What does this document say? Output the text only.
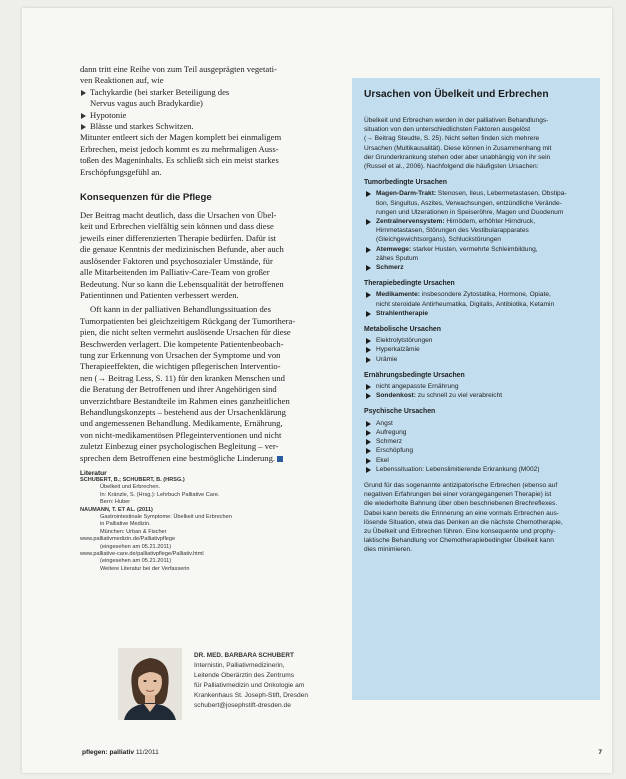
dann tritt eine Reihe von zum Teil ausgeprägten vegetati-

ven Reaktionen auf, wie

Tachykardie (bei starker Beteiligung des
Nervus vagus auch Bradykardie)
Hypotonie
Blässe und starkes Schwitzen.

Mitunter entleert sich der Magen komplett bei einmaligem

Erbrechen, meist jedoch kommt es zu mehrmaligen Auss-

toßen des Mageninhalts. Es schließt sich ein meist starkes

Erschöpfungsgefühl an.

Konsequenzen für die Pflege

Der Beitrag macht deutlich, dass die Ursachen von Übel-

keit und Erbrechen vielfältig sein können und dass diese

jeweils einer differenzierten Therapie bedürfen. Dafür ist

die genaue Kenntnis der medizinischen Befunde, aber auch

auslösender Faktoren und psychosozialer Umstände, für

alle Mitarbeitenden im Palliativ-Care-Team von großer

Bedeutung. Nur so kann die Lebensqualität der betroffenen

Patientinnen und Patienten verbessert werden.

Oft kann in der palliativen Behandlungssituation des

Tumorpatienten bei gleichzeitigem Rückgang der Tumorthera-

pien, die nicht selten vermehrt auslösende Ursachen für diese

Beschwerden verlagert. Die kompetente Patientenbeobach-

tung zur Erkennung von Ursachen der Symptome und von

Therapieeffekten, die wichtigen pflegerischen Interventio-

nen (→ Beitrag Less, S. 11) für den kranken Menschen und

die Beratung der Betroffenen und ihrer Angehörigen sind

unverzichtbare Bestandteile im Rahmen eines ganzheitlichen

Behandlungskonzepts – bestehend aus der Ursachenklärung

und angemessenen Behandlung. Medikamente, Ernährung,

von nicht-medikamentösen Pflegeinterventionen und nicht

zuletzt Einbezug einer psychologischen Begleitung – ver-

sprechen dem Betroffenen eine bestmögliche Linderung.

Literatur
SCHUBERT, B.; SCHUBERT, B. (HRSG.)
Übelkeit und Erbrechen.
In: Kränzle, S. (Hrsg.): Lehrbuch Palliative Care.
Bern: Huber
NAUMANN, T. ET AL. (2011)
Gastrointestinale Symptome: Übelkeit und Erbrechen
in Palliative Medizin.
München: Urban & Fischer
www.palliativmedizin.de/Palliativpflege
(eingesehen am 05.21.2011)
www.palliative-care.de/palliativpflege/Palliativ.html
(eingesehen am 05.21.2011)
Weitere Literatur bei der Verfasserin
DR. MED. BARBARA SCHUBERT
Internistin, Palliativmedizinerin,
Leitende Oberärztin des Zentrums
für Palliativmedizin und Onkologie am
Krankenhaus St. Joseph-Stift, Dresden
schubert@josephstift-dresden.de
Ursachen von Übelkeit und Erbrechen

Übelkeit und Erbrechen werden in der palliativen Behandlungs-

situation von den unterschiedlichsten Faktoren ausgelöst

(→ Beitrag Steudte, S. 25). Nicht selten finden sich mehrere

Ursachen (Multikausalität). Diese können in Zusammenhang mit

der Grunderkrankung stehen oder aber unabhängig von ihr sein

(Russel et al., 2006). Nachfolgend die häufigsten Ursachen:

Tumorbedingte Ursachen
Magen-Darm-Trakt: Stenosen, Ileus, Lebermetastasen, Obstipa-
tion, Singultus, Aszites, Verwachsungen, entzündliche Verände-
rungen und Ulzerationen in Speiseröhre, Magen und Duodenum
Zentralnervensystem: Hirnödem, erhöhter Hirndruck,
Hirnmetastasen, Störungen des Vestibularapparates
(Gleichgewichtsorgans), Schluckstörungen
Atemwege: starker Husten, vermehrte Schleimbildung,
zähes Sputum
Schmerz
Therapiebedingte Ursachen
Medikamente: insbesondere Zytostatika, Hormone, Opiate,
nicht steroidale Antirheumatika, Digitalis, Antibiotika, Ketamin
Strahlentherapie
Metabolische Ursachen
Elektrolytstörungen
Hyperkalzämie
Urämie
Ernährungsbedingte Ursachen
nicht angepasste Ernährung
Sondenkost: zu schnell zu viel verabreicht
Psychische Ursachen
Angst
Aufregung
Schmerz
Erschöpfung
Ekel
Lebenssituation: Lebenslimitierende Erkrankung (M002)

Grund für das sogenannte antizipatorische Erbrechen (ebenso auf

negativen Erfahrungen bei einer vorangegangenen Therapie) ist

die wiederholte Bahnung über oben beschriebenen Brechreflexes.

Dabei kann bereits die Erinnerung an eine vormals Erbrechen aus-

lösende Situation, etwa das Denken an die nächste Chemotherapie,

zu Übelkeit und Erbrechen führen. Eine konsequente und prophy-

laktische Behandlung vor Chemotherapiebedingter Übelkeit kann

dies minimieren.

pflegen: palliativ 11/2011	7
